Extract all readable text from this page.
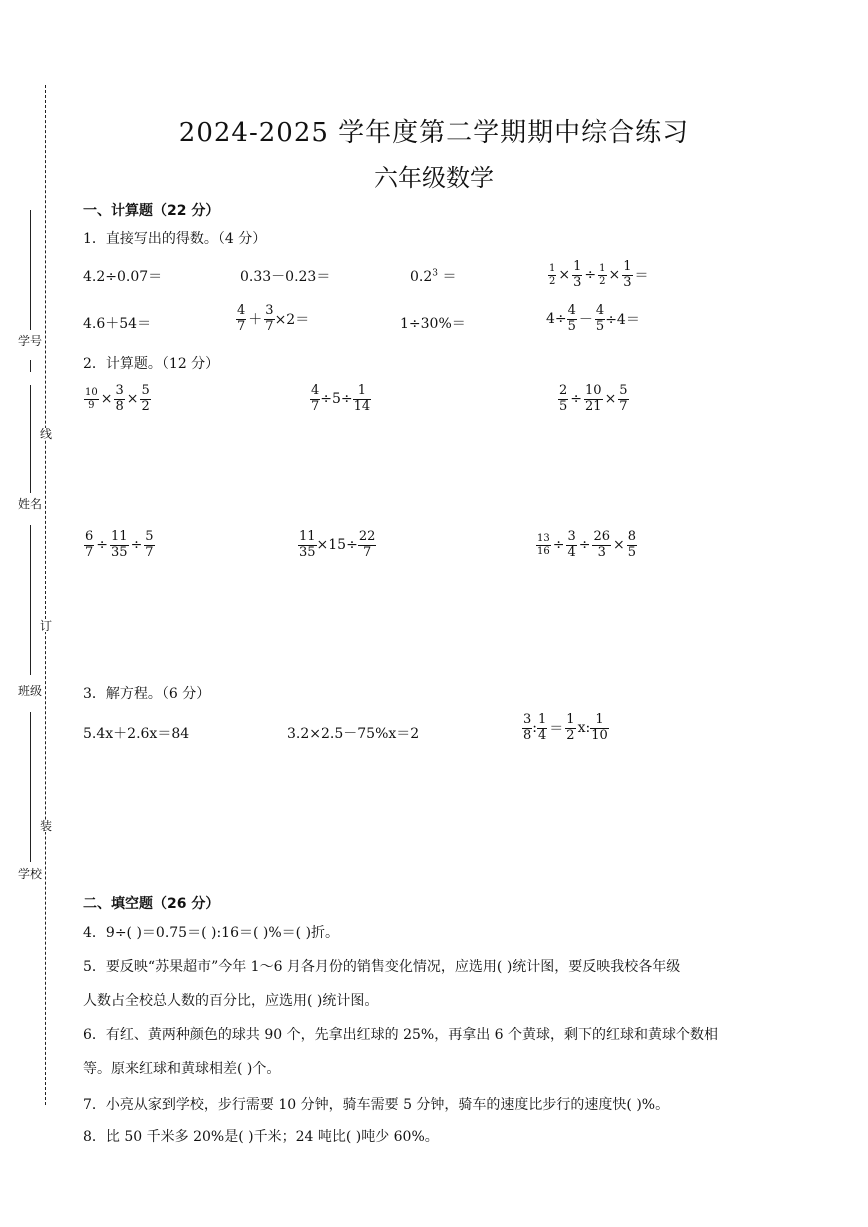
学号
姓名
班级
学校
线
订
装
2024-2025 学年度第二学期期中综合练习
六年级数学
一、计算题（22 分）
1．直接写出的得数。（4 分）
4.2÷0.07＝	0.33－0.23＝	$0.2^3$ ＝	$\frac{1}{2} \times \frac{1}{3} \div \frac{1}{2} \times \frac{1}{3}$ ＝
4.6＋54＝	$\frac{4}{7} + \frac{3}{7} \times 2=$	1÷30%＝	$4\div \frac{4}{5} - \frac{4}{5} \div 4=$
2．计算题。（12 分）
$\frac{10}{9} \times \frac{3}{8} \times \frac{5}{2}$	$\frac{4}{7} \div 5\div \frac{1}{14}$	$\frac{2}{5} \div \frac{10}{21} \times \frac{5}{7}$
$\frac{6}{7} \div \frac{11}{35} \div \frac{5}{7}$	$\frac{11}{35} \times 15\div \frac{22}{7}$	$\frac{13}{16} \div \frac{3}{4} \div \frac{26}{3} \times \frac{8}{5}$
3．解方程。（6 分）
5.4x＋2.6x＝84	3.2×2.5－75%x＝2	$\frac{3}{8}$ : $\frac{1}{4} = \frac{1}{2} x$: $\frac{1}{10}$
二、填空题（26 分）
4．9÷( )＝0.75＝( ):16＝( )%＝( )折。
5．要反映“苏果超市”今年 1～6 月各月份的销售变化情况，应选用( )统计图，要反映我校各年级
人数占全校总人数的百分比，应选用( )统计图。
6．有红、黄两种颜色的球共 90 个，先拿出红球的 25%，再拿出 6 个黄球，剩下的红球和黄球个数相
等。原来红球和黄球相差( )个。
7．小亮从家到学校，步行需要 10 分钟，骑车需要 5 分钟，骑车的速度比步行的速度快( )%。
8．比 50 千米多 20%是( )千米；24 吨比( )吨少 60%。
